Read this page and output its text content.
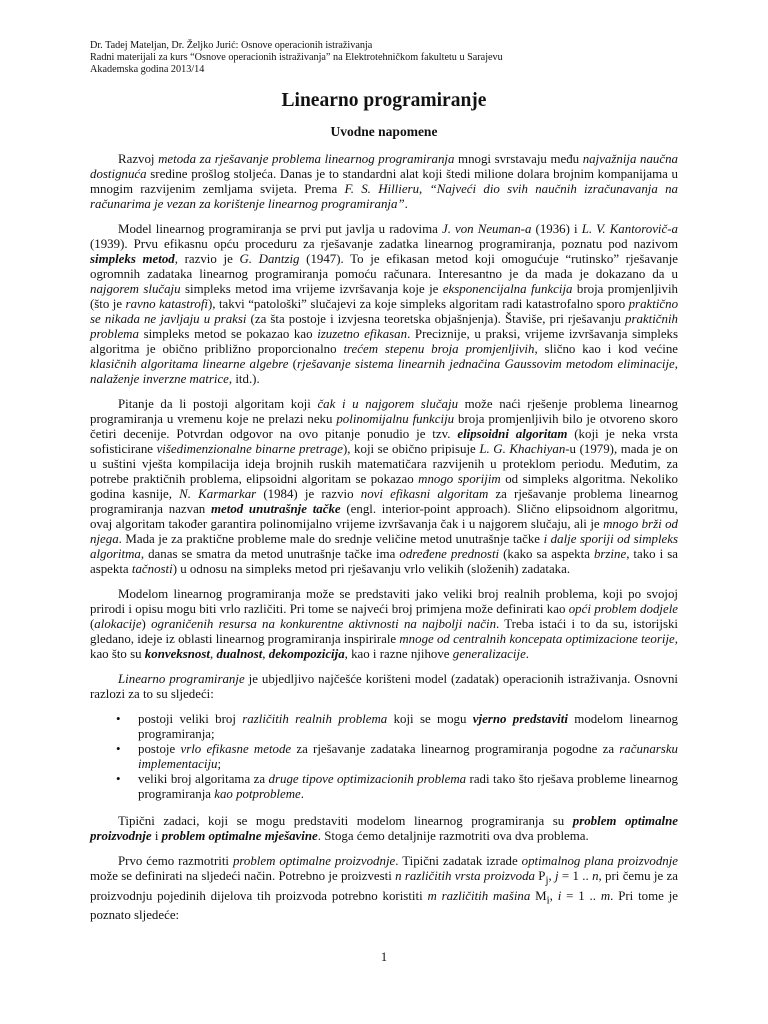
Dr. Tadej Mateljan, Dr. Željko Jurić: Osnove operacionih istraživanja
Radni materijali za kurs “Osnove operacionih istraživanja” na Elektrotehničkom fakultetu u Sarajevu
Akademska godina 2013/14
Linearno programiranje
Uvodne napomene

Razvoj metoda za rješavanje problema linearnog programiranja mnogi svrstavaju među najvažnija naučna dostignuća sredine prošlog stoljeća. Danas je to standardni alat koji štedi milione dolara brojnim kompanijama u mnogim razvijenim zemljama svijeta. Prema F. S. Hillieru, “Najveći dio svih naučnih izračunavanja na računarima je vezan za korištenje linearnog programiranja”.

Model linearnog programiranja se prvi put javlja u radovima J. von Neuman-a (1936) i L. V. Kantorovič-a (1939). Prvu efikasnu opću proceduru za rješavanje zadatka linearnog programiranja, poznatu pod nazivom simpleks metod, razvio je G. Dantzig (1947). To je efikasan metod koji omogućuje “rutinsko” rješavanje ogromnih zadataka linearnog programiranja pomoću računara. Interesantno je da mada je dokazano da u najgorem slučaju simpleks metod ima vrijeme izvršavanja koje je eksponencijalna funkcija broja promjenljivih (što je ravno katastrofi), takvi “patološki” slučajevi za koje simpleks algoritam radi katastrofalno sporo praktično se nikada ne javljaju u praksi (za šta postoje i izvjesna teoretska objašnjenja). Štaviše, pri rješavanju praktičnih problema simpleks metod se pokazao kao izuzetno efikasan. Preciznije, u praksi, vrijeme izvršavanja simpleks algoritma je obično približno proporcionalno trećem stepenu broja promjenljivih, slično kao i kod većine klasičnih algoritama linearne algebre (rješavanje sistema linearnih jednačina Gaussovim metodom eliminacije, nalaženje inverzne matrice, itd.).

Pitanje da li postoji algoritam koji čak i u najgorem slučaju može naći rješenje problema linearnog programiranja u vremenu koje ne prelazi neku polinomijalnu funkciju broja promjenljivih bilo je otvoreno skoro četiri decenije. Potvrdan odgovor na ovo pitanje ponudio je tzv. elipsoidni algoritam (koji je neka vrsta sofisticirane višedimenzionalne binarne pretrage), koji se obično pripisuje L. G. Khachiyan-u (1979), mada je on u suštini vješta kompilacija ideja brojnih ruskih matematičara razvijenih u proteklom periodu. Međutim, za potrebe praktičnih problema, elipsoidni algoritam se pokazao mnogo sporijim od simpleks algoritma. Nekoliko godina kasnije, N. Karmarkar (1984) je razvio novi efikasni algoritam za rješavanje problema linearnog programiranja nazvan metod unutrašnje tačke (engl. interior-point approach). Slično elipsoidnom algoritmu, ovaj algoritam također garantira polinomijalno vrijeme izvršavanja čak i u najgorem slučaju, ali je mnogo brži od njega. Mada je za praktične probleme male do srednje veličine metod unutrašnje tačke i dalje sporiji od simpleks algoritma, danas se smatra da metod unutrašnje tačke ima određene prednosti (kako sa aspekta brzine, tako i sa aspekta tačnosti) u odnosu na simpleks metod pri rješavanju vrlo velikih (složenih) zadataka.

Modelom linearnog programiranja može se predstaviti jako veliki broj realnih problema, koji po svojoj prirodi i opisu mogu biti vrlo različiti. Pri tome se najveći broj primjena može definirati kao opći problem dodjele (alokacije) ograničenih resursa na konkurentne aktivnosti na najbolji način. Treba istaći i to da su, istorijski gledano, ideje iz oblasti linearnog programiranja inspirirale mnoge od centralnih koncepata optimizacione teorije, kao što su konveksnost, dualnost, dekompozicija, kao i razne njihove generalizacije.

Linearno programiranje je ubjedljivo najčešće korišteni model (zadatak) operacionih istraživanja. Osnovni razlozi za to su sljedeći:

• postoji veliki broj različitih realnih problema koji se mogu vjerno predstaviti modelom linearnog programiranja;
• postoje vrlo efikasne metode za rješavanje zadataka linearnog programiranja pogodne za računarsku implementaciju;
• veliki broj algoritama za druge tipove optimizacionih problema radi tako što rješava probleme linearnog programiranja kao potprobleme.

Tipični zadaci, koji se mogu predstaviti modelom linearnog programiranja su problem optimalne proizvodnje i problem optimalne mješavine. Stoga ćemo detaljnije razmotriti ova dva problema.

Prvo ćemo razmotriti problem optimalne proizvodnje. Tipični zadatak izrade optimalnog plana proizvodnje može se definirati na sljedeći način. Potrebno je proizvesti n različitih vrsta proizvoda $P_j$, j = 1 .. n, pri čemu je za proizvodnju pojedinih dijelova tih proizvoda potrebno koristiti m različitih mašina $M_i$, i = 1 .. m. Pri tome je poznato sljedeće:

1
